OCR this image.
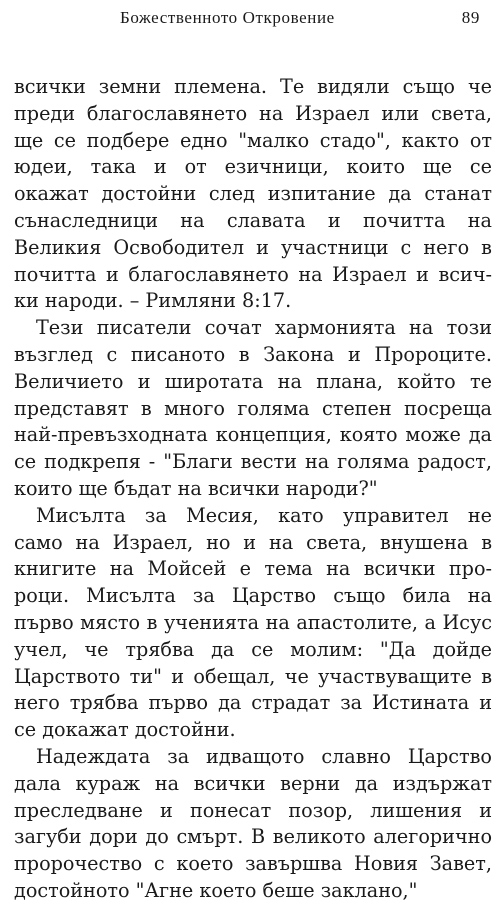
Божественното Откровение	89
всички земни племена. Те видяли също че
преди благославянето на Израел или света,
ще се подбере едно "малко стадо", както от
юдеи, така и от езичници, които ще се
окажат достойни след изпитание да станат
сънаследници на славата и почитта на
Великия Освободител и участници с него в
почитта и благославянето на Израел и всич-
ки народи. – Римляни 8:17.
Тези писатели сочат хармонията на този
възглед с писаното в Закона и Пророците.
Величието и широтата на плана, който те
представят в много голяма степен посреща
най-превъзходната концепция, която може да
се подкрепя - "Благи вести на голяма радост,
които ще бъдат на всички народи?"
Мисълта за Месия, като управител не
само на Израел, но и на света, внушена в
книгите на Мойсей е тема на всички про-
роци. Мисълта за Царство също била на
първо място в ученията на апастолите, а Исус
учел, че трябва да се молим: "Да дойде
Царството ти" и обещал, че участвуващите в
него трябва първо да страдат за Истината и
се докажат достойни.
Надеждата за идващото славно Царство
дала кураж на всички верни да издържат
преследване и понесат позор, лишения и
загуби дори до смърт. В великото алегорично
пророчество с което завършва Новия Завет,
достойното "Агне което беше заклано,"
